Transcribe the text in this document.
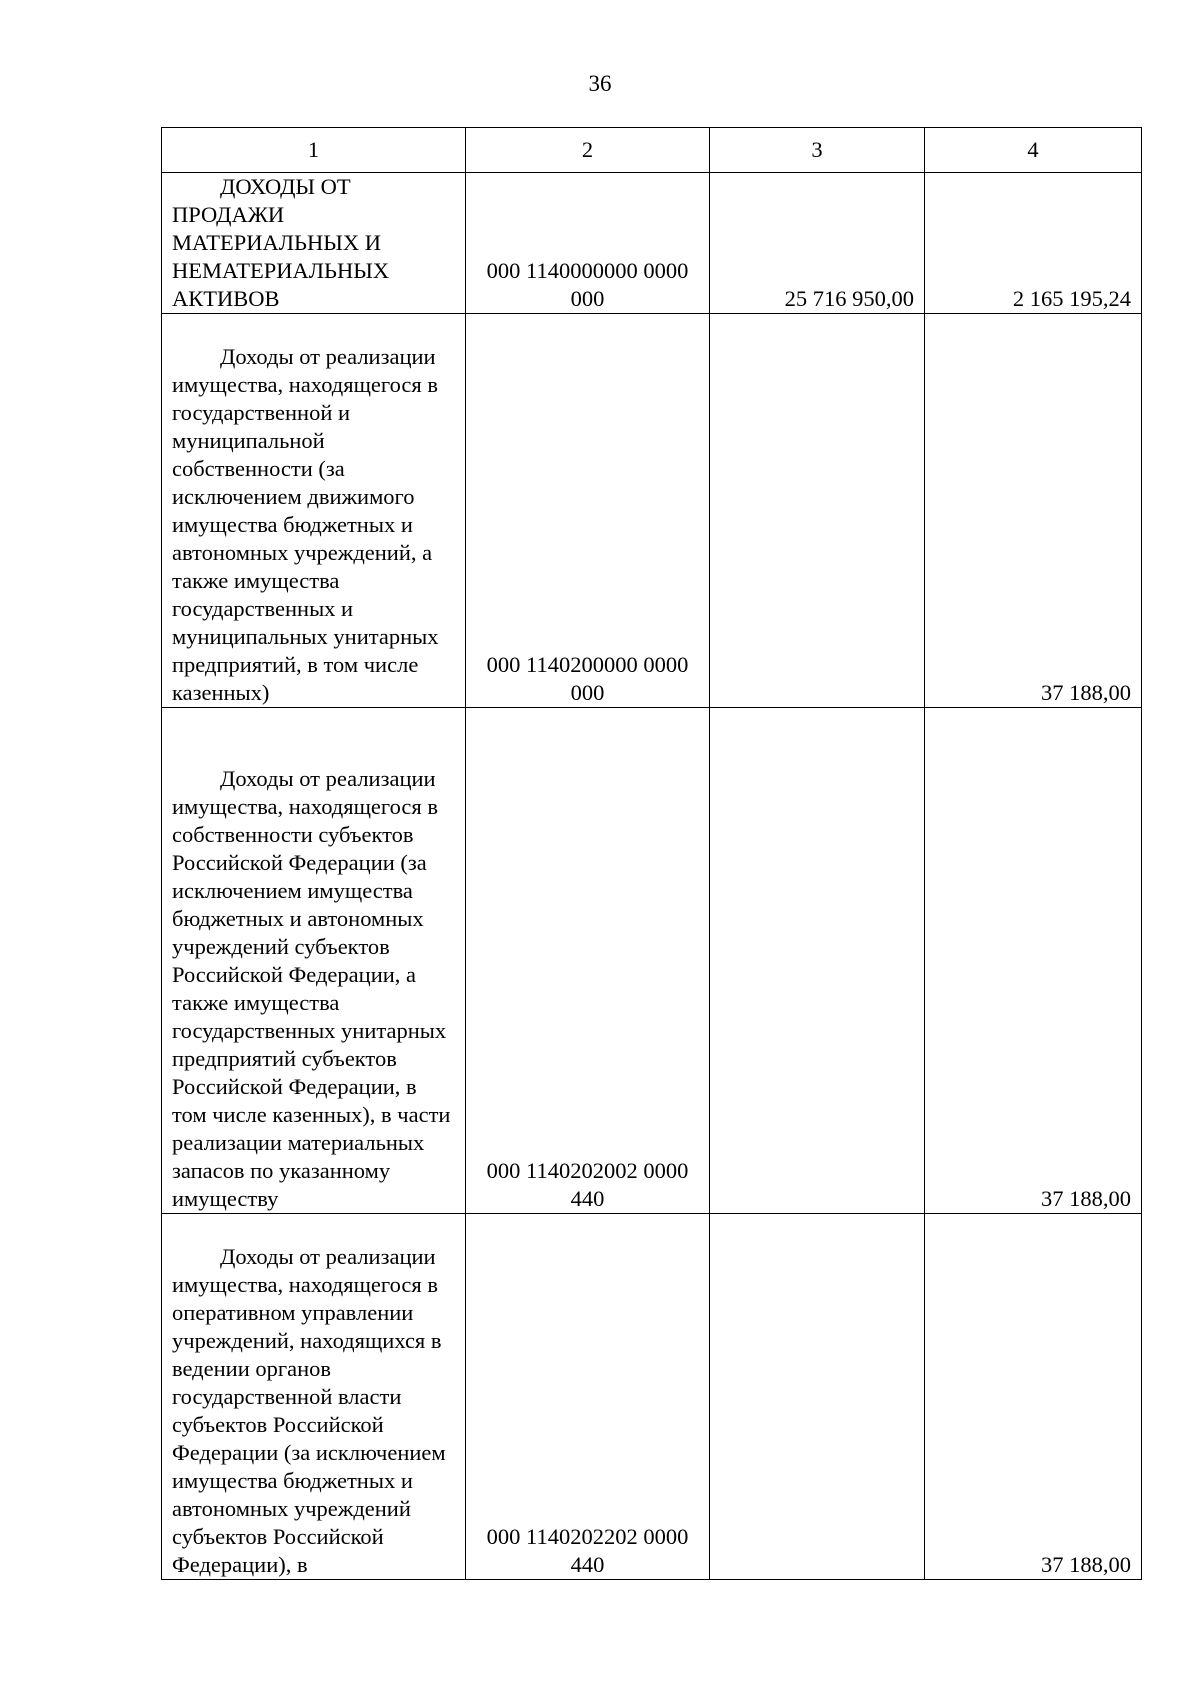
36
1	2	3	4

ДОХОДЫ ОТ ПРОДАЖИ МАТЕРИАЛЬНЫХ И НЕМАТЕРИАЛЬНЫХ АКТИВОВ	000 1140000000 0000 000	25 716 950,00	2 165 195,24

Доходы от реализации имущества, находящегося в государственной и муниципальной собственности (за исключением движимого имущества бюджетных и автономных учреждений, а также имущества государственных и муниципальных унитарных предприятий, в том числе казенных)	000 1140200000 0000 000		37 188,00

Доходы от реализации имущества, находящегося в собственности субъектов Российской Федерации (за исключением имущества бюджетных и автономных учреждений субъектов Российской Федерации, а также имущества государственных унитарных предприятий субъектов Российской Федерации, в том числе казенных), в части реализации материальных запасов по указанному имуществу	000 1140202002 0000 440		37 188,00

Доходы от реализации имущества, находящегося в оперативном управлении учреждений, находящихся в ведении органов государственной власти субъектов Российской Федерации (за исключением имущества бюджетных и автономных учреждений субъектов Российской Федерации), в	000 1140202202 0000 440		37 188,00
